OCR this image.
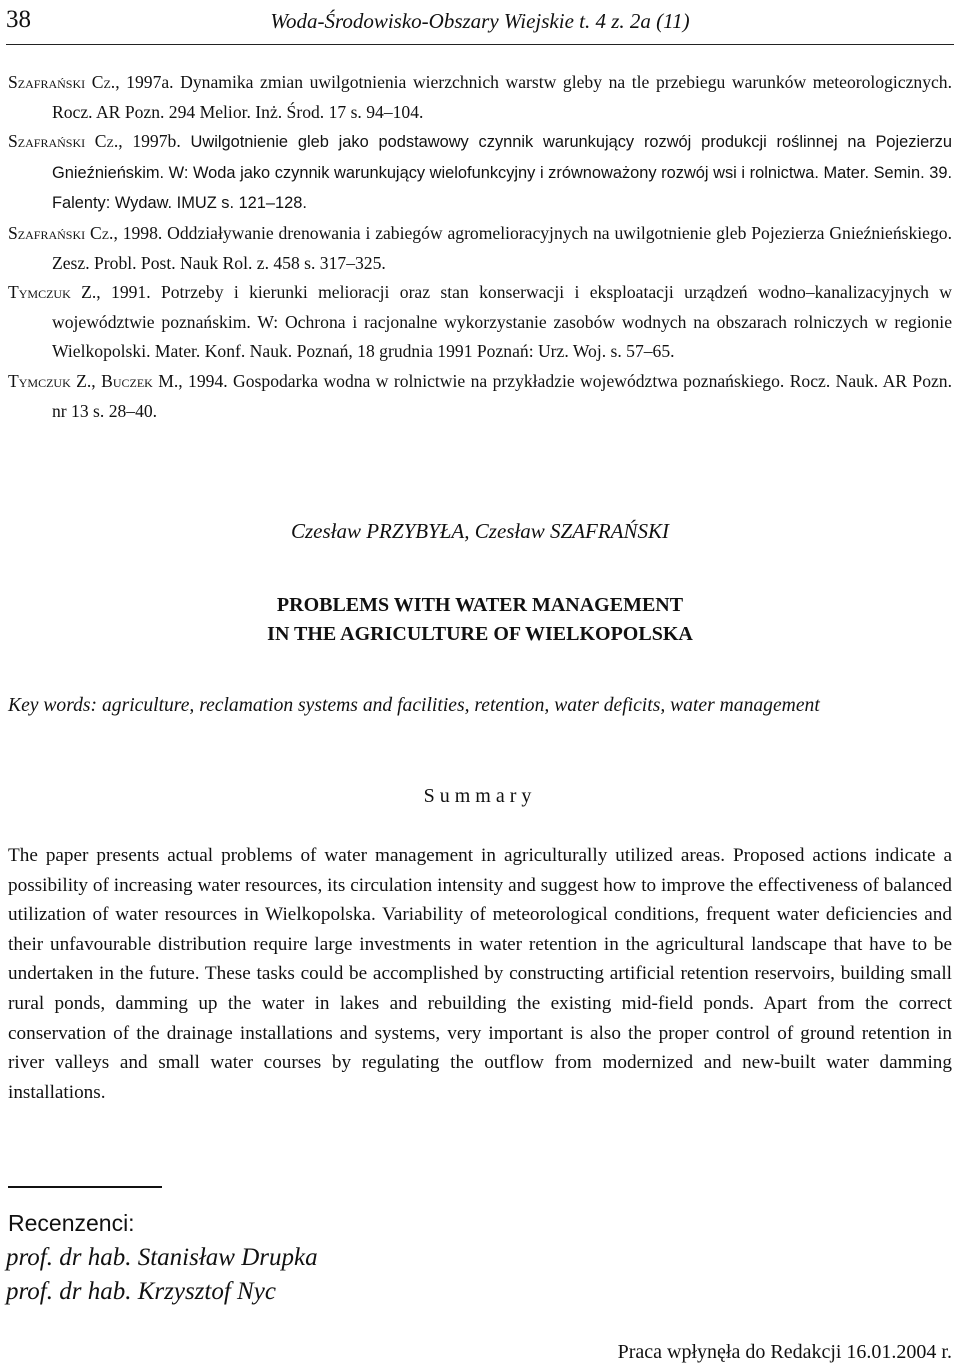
38	Woda-Środowisko-Obszary Wiejskie t. 4 z. 2a (11)
Szafrański Cz., 1997a. Dynamika zmian uwilgotnienia wierzchnich warstw gleby na tle przebiegu warunków meteorologicznych. Rocz. AR Pozn. 294 Melior. Inż. Środ. 17 s. 94–104.
Szafrański Cz., 1997b. Uwilgotnienie gleb jako podstawowy czynnik warunkujący rozwój produkcji roślinnej na Pojezierzu Gnieźnieńskim. W: Woda jako czynnik warunkujący wielofunkcyjny i zrównoważony rozwój wsi i rolnictwa. Mater. Semin. 39. Falenty: Wydaw. IMUZ s. 121–128.
Szafrański Cz., 1998. Oddziaływanie drenowania i zabiegów agromelioracyjnych na uwilgotnienie gleb Pojezierza Gnieźnieńskiego. Zesz. Probl. Post. Nauk Rol. z. 458 s. 317–325.
Tymczuk Z., 1991. Potrzeby i kierunki melioracji oraz stan konserwacji i eksploatacji urządzeń wodno–kanalizacyjnych w województwie poznańskim. W: Ochrona i racjonalne wykorzystanie zasobów wodnych na obszarach rolniczych w regionie Wielkopolski. Mater. Konf. Nauk. Poznań, 18 grudnia 1991 Poznań: Urz. Woj. s. 57–65.
Tymczuk Z., Buczek M., 1994. Gospodarka wodna w rolnictwie na przykładzie województwa poznańskiego. Rocz. Nauk. AR Pozn. nr 13 s. 28–40.
Czesław PRZYBYŁA, Czesław SZAFRAŃSKI
PROBLEMS WITH WATER MANAGEMENT
IN THE AGRICULTURE OF WIELKOPOLSKA
Key words: agriculture, reclamation systems and facilities, retention, water deficits, water management
Summary
The paper presents actual problems of water management in agriculturally utilized areas. Proposed actions indicate a possibility of increasing water resources, its circulation intensity and suggest how to improve the effectiveness of balanced utilization of water resources in Wielkopolska. Variability of meteorological conditions, frequent water deficiencies and their unfavourable distribution require large investments in water retention in the agricultural landscape that have to be undertaken in the future. These tasks could be accomplished by constructing artificial retention reservoirs, building small rural ponds, damming up the water in lakes and rebuilding the existing mid-field ponds. Apart from the correct conservation of the drainage installations and systems, very important is also the proper control of ground retention in river valleys and small water courses by regulating the outflow from modernized and new-built water damming installations.
Recenzenci:
prof. dr hab. Stanisław Drupka
prof. dr hab. Krzysztof Nyc
Praca wpłynęła do Redakcji 16.01.2004 r.
